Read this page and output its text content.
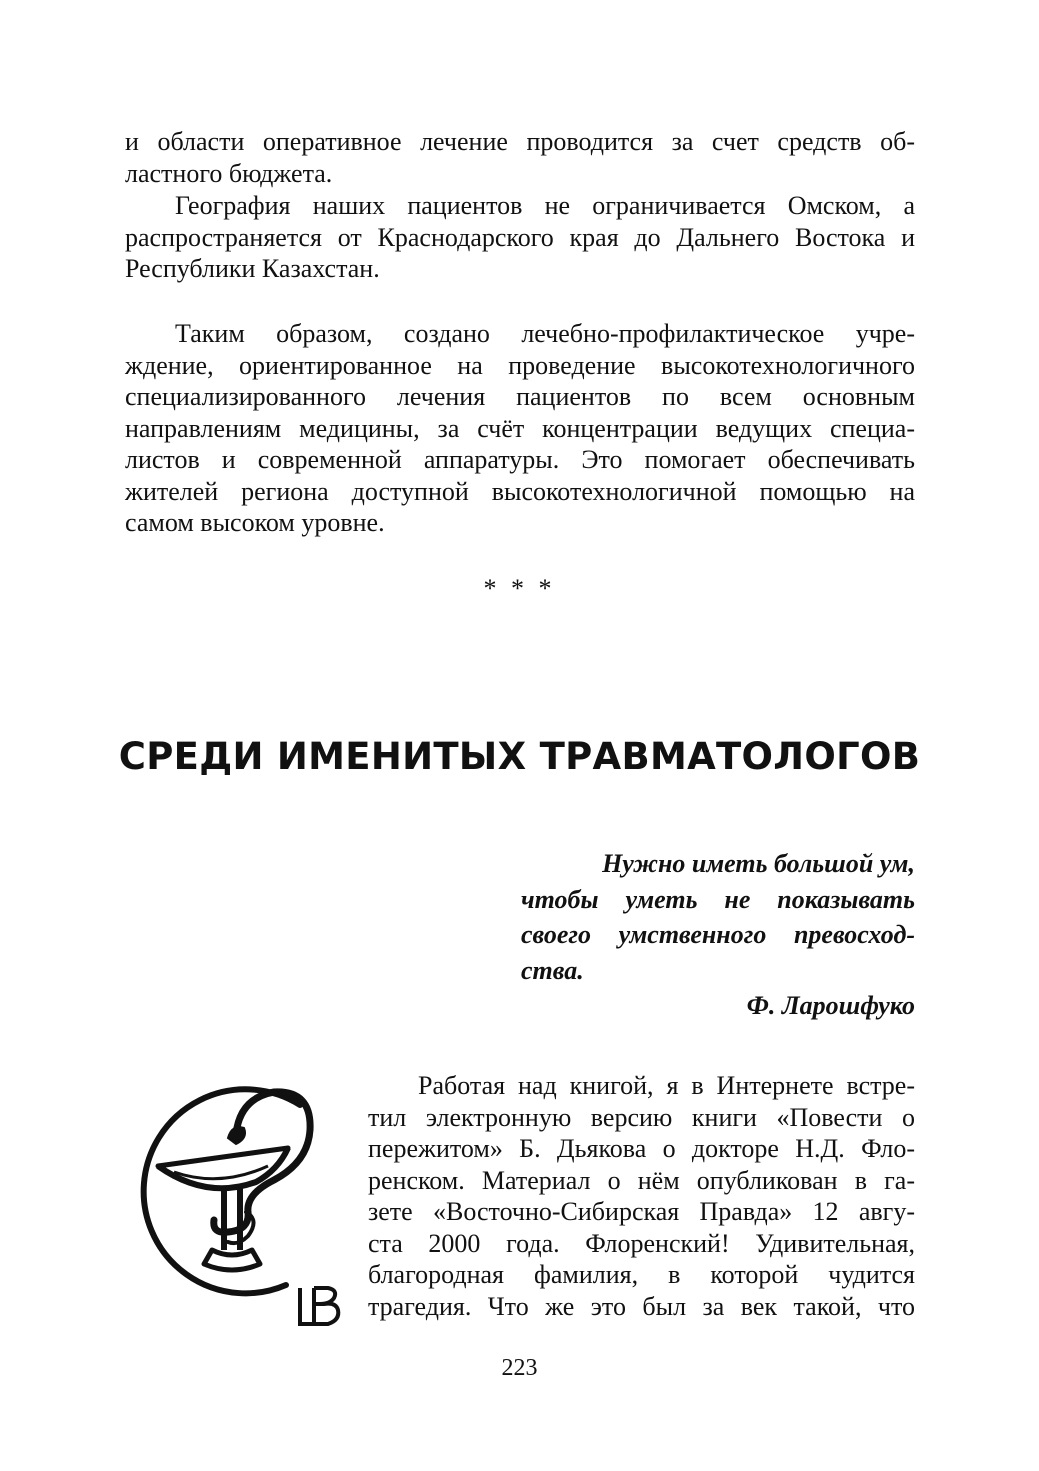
и области оперативное лечение проводится за счет средств об-
ластного бюджета.
География наших пациентов не ограничивается Омском, а
распространяется от Краснодарского края до Дальнего Востока и
Республики Казахстан.
Таким образом, создано лечебно-профилактическое учре-
ждение, ориентированное на проведение высокотехнологичного
специализированного лечения пациентов по всем основным
направлениям медицины, за счёт концентрации ведущих специа-
листов и современной аппаратуры. Это помогает обеспечивать
жителей региона доступной высокотехнологичной помощью на
самом высоком уровне.
* * *
СРЕДИ ИМЕНИТЫХ ТРАВМАТОЛОГОВ
Нужно иметь большой ум,
чтобы уметь не показывать
своего умственного превосход-
ства.
Ф. Ларошфуко
Работая над книгой, я в Интернете встре-
тил электронную версию книги «Повести о
пережитом» Б. Дьякова о докторе Н.Д. Фло-
ренском. Материал о нём опубликован в га-
зете «Восточно-Сибирская Правда» 12 авгу-
ста 2000 года. Флоренский! Удивительная,
благородная фамилия, в которой чудится
трагедия. Что же это был за век такой, что
223
